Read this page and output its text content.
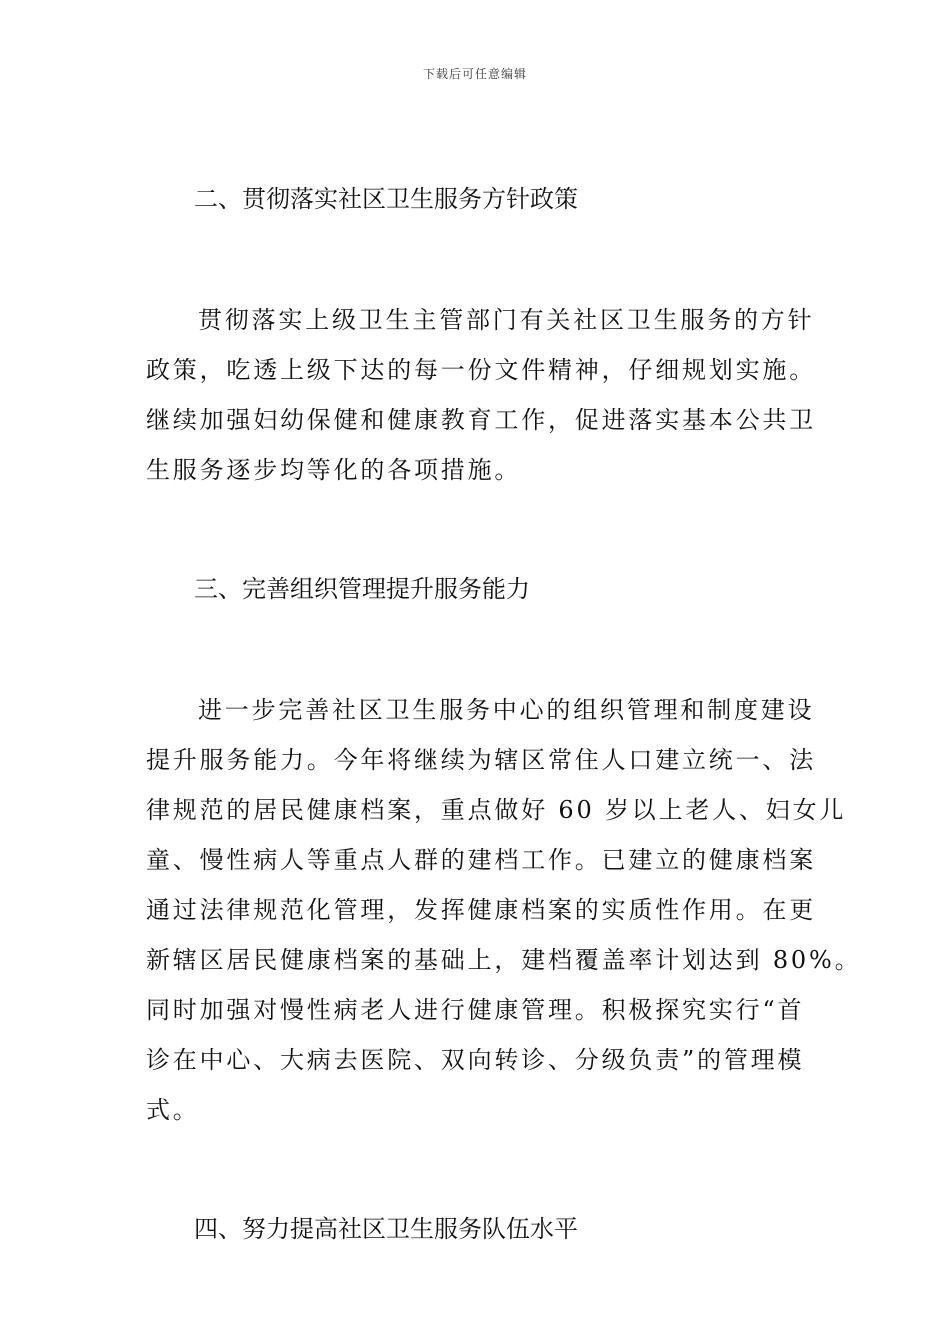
下载后可任意编辑
二、贯彻落实社区卫生服务方针政策
贯彻落实上级卫生主管部门有关社区卫生服务的方针
政策，吃透上级下达的每一份文件精神，仔细规划实施。
继续加强妇幼保健和健康教育工作，促进落实基本公共卫
生服务逐步均等化的各项措施。
三、完善组织管理提升服务能力
进一步完善社区卫生服务中心的组织管理和制度建设
提升服务能力。今年将继续为辖区常住人口建立统一、法
律规范的居民健康档案，重点做好 60 岁以上老人、妇女儿
童、慢性病人等重点人群的建档工作。已建立的健康档案
通过法律规范化管理，发挥健康档案的实质性作用。在更
新辖区居民健康档案的基础上，建档覆盖率计划达到 80%。
同时加强对慢性病老人进行健康管理。积极探究实行“首
诊在中心、大病去医院、双向转诊、分级负责”的管理模
式。
四、努力提高社区卫生服务队伍水平
